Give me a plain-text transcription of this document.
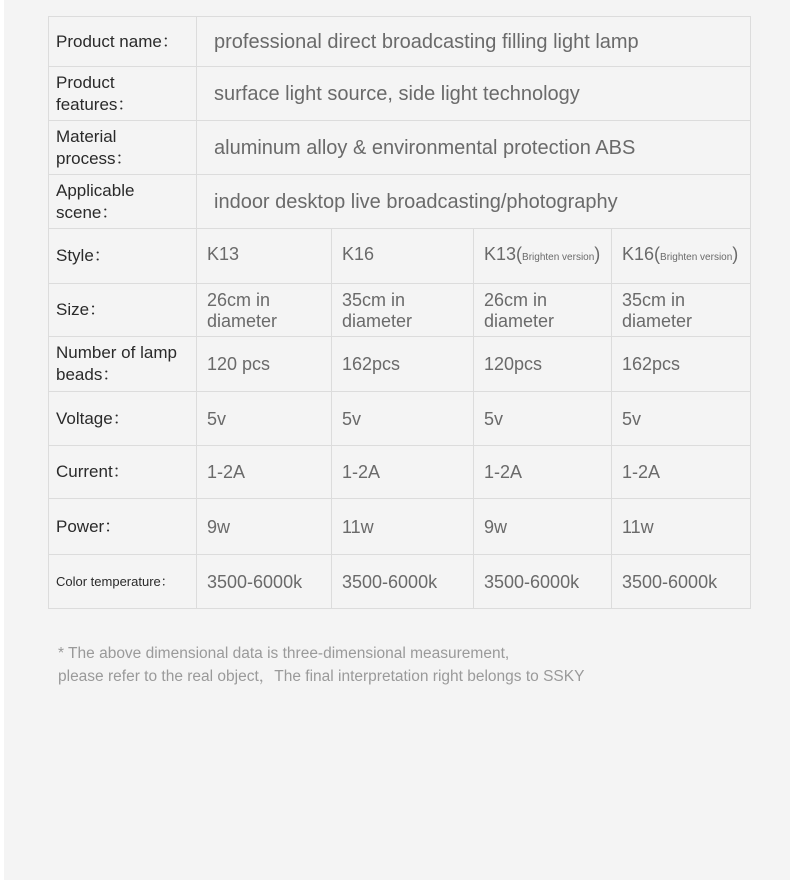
Product name：	professional direct broadcasting filling light lamp			
Product features：	surface light source, side light technology			
Material process：	aluminum alloy & environmental protection ABS			
Applicable scene：	indoor desktop live broadcasting/photography			
Style：	K13	K16	K13(Brighten version)	K16(Brighten version)
Size：	26cm in diameter	35cm in diameter	26cm in diameter	35cm in diameter
Number of lamp beads：	120 pcs	162pcs	120pcs	162pcs
Voltage：	5v	5v	5v	5v
Current：	1-2A	1-2A	1-2A	1-2A
Power：	9w	11w	9w	11w
Color temperature：	3500-6000k	3500-6000k	3500-6000k	3500-6000k

* The above dimensional data is three-dimensional measurement,
please refer to the real object，The final interpretation right belongs to SSKY
